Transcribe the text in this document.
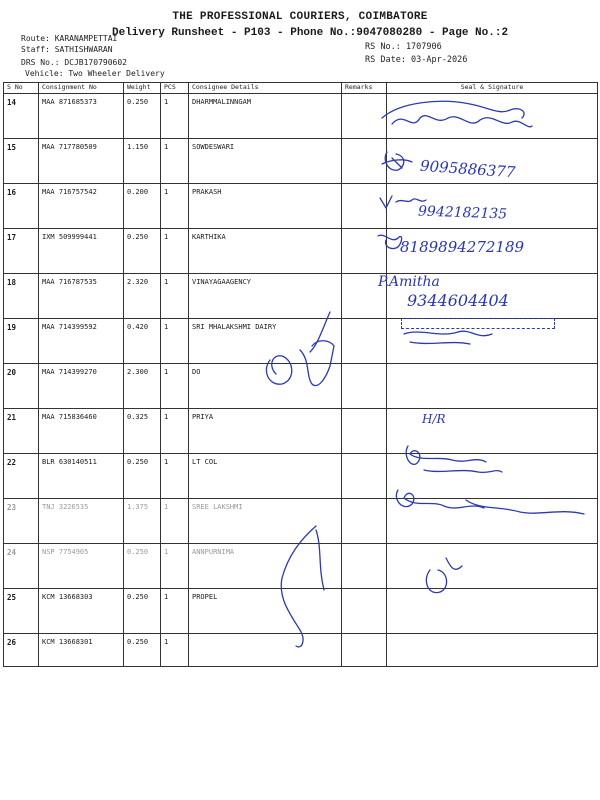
THE PROFESSIONAL COURIERS, COIMBATORE
Delivery Runsheet - P103 - Phone No.:9047080280 - Page No.:2
Route: KARANAMPETTAI
Staff: SATHISHWARAN
DRS No.: DCJB170790602
Vehicle: Two Wheeler Delivery
RS No.: 1707906
RS Date: 03-Apr-2026
S No	Consignment No	Weight	PCS	Consignee Details	Remarks	Seal & Signature
14	MAA 871685373	0.250	1	DHARMMALINNGAM		
15	MAA 717780509	1.150	1	SOWDESWARI		
16	MAA 716757542	0.200	1	PRAKASH		
17	IXM 509999441	0.250	1	KARTHIKA		
18	MAA 716787535	2.320	1	VINAYAGAAGENCY		
19	MAA 714399592	0.420	1	SRI MHALAKSHMI DAIRY		
20	MAA 714399270	2.300	1	DO		
21	MAA 715836460	0.325	1	PRIYA		
22	BLR 630140511	0.250	1	LT COL		
23	TNJ 3226535	1.375	1	SREE LAKSHMI		
24	NSP 7754905	0.250	1	ANNPURNIMA		
25	KCM 13668303	0.250	1	PROPEL		
26	KCM 13668301	0.250	1			
9095886377
9942182135
8189894272189
P.Amitha
9344604404
H/R
